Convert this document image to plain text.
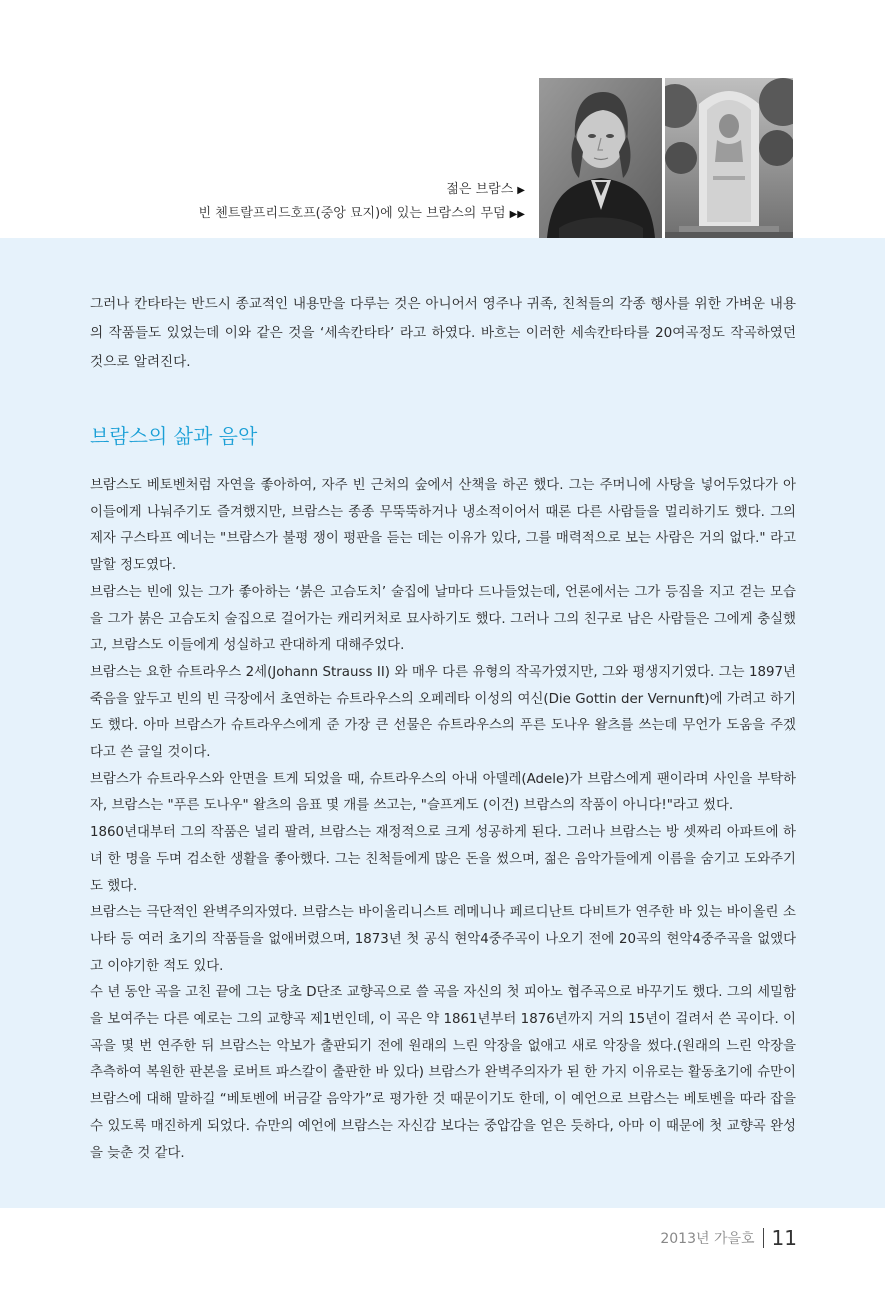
젊은 브람스 ▶
빈 첸트랄프리드호프(중앙 묘지)에 있는 브람스의 무덤 ▶▶

그러나 칸타타는 반드시 종교적인 내용만을 다루는 것은 아니어서 영주나 귀족, 친척들의 각종 행사를 위한 가벼운 내용의 작품들도 있었는데 이와 같은 것을 ‘세속칸타타’ 라고 하였다. 바흐는 이러한 세속칸타타를 20여곡정도 작곡하였던 것으로 알려진다.

브람스의 삶과 음악

브람스도 베토벤처럼 자연을 좋아하여, 자주 빈 근처의 숲에서 산책을 하곤 했다. 그는 주머니에 사탕을 넣어두었다가 아이들에게 나눠주기도 즐겨했지만, 브람스는 종종 무뚝뚝하거나 냉소적이어서 때론 다른 사람들을 멀리하기도 했다. 그의 제자 구스타프 예너는 "브람스가 불평 쟁이 평판을 듣는 데는 이유가 있다, 그를 매력적으로 보는 사람은 거의 없다." 라고 말할 정도였다.

브람스는 빈에 있는 그가 좋아하는 ‘붉은 고슴도치’ 술집에 날마다 드나들었는데, 언론에서는 그가 등짐을 지고 걷는 모습을 그가 붉은 고슴도치 술집으로 걸어가는 캐리커처로 묘사하기도 했다. 그러나 그의 친구로 남은 사람들은 그에게 충실했고, 브람스도 이들에게 성실하고 관대하게 대해주었다.

브람스는 요한 슈트라우스 2세(Johann Strauss II) 와 매우 다른 유형의 작곡가였지만, 그와 평생지기였다. 그는 1897년 죽음을 앞두고 빈의 빈 극장에서 초연하는 슈트라우스의 오페레타 이성의 여신(Die Gottin der Vernunft)에 가려고 하기도 했다. 아마 브람스가 슈트라우스에게 준 가장 큰 선물은 슈트라우스의 푸른 도나우 왈츠를 쓰는데 무언가 도움을 주겠다고 쓴 글일 것이다.

브람스가 슈트라우스와 안면을 트게 되었을 때, 슈트라우스의 아내 아델레(Adele)가 브람스에게 팬이라며 사인을 부탁하자, 브람스는 "푸른 도나우" 왈츠의 음표 몇 개를 쓰고는, "슬프게도 (이건) 브람스의 작품이 아니다!"라고 썼다.

1860년대부터 그의 작품은 널리 팔려, 브람스는 재정적으로 크게 성공하게 된다. 그러나 브람스는 방 셋짜리 아파트에 하녀 한 명을 두며 검소한 생활을 좋아했다. 그는 친척들에게 많은 돈을 썼으며, 젊은 음악가들에게 이름을 숨기고 도와주기도 했다.

브람스는 극단적인 완벽주의자였다. 브람스는 바이올리니스트 레메니나 페르디난트 다비트가 연주한 바 있는 바이올린 소나타 등 여러 초기의 작품들을 없애버렸으며, 1873년 첫 공식 현악4중주곡이 나오기 전에 20곡의 현악4중주곡을 없앴다고 이야기한 적도 있다.

수 년 동안 곡을 고친 끝에 그는 당초 D단조 교향곡으로 쓸 곡을 자신의 첫 피아노 협주곡으로 바꾸기도 했다. 그의 세밀함을 보여주는 다른 예로는 그의 교향곡 제1번인데, 이 곡은 약 1861년부터 1876년까지 거의 15년이 걸려서 쓴 곡이다. 이 곡을 몇 번 연주한 뒤 브람스는 악보가 출판되기 전에 원래의 느린 악장을 없애고 새로 악장을 썼다.(원래의 느린 악장을 추측하여 복원한 판본을 로버트 파스칼이 출판한 바 있다) 브람스가 완벽주의자가 된 한 가지 이유로는 활동초기에 슈만이 브람스에 대해 말하길 “베토벤에 버금갈 음악가”로 평가한 것 때문이기도 한데, 이 예언으로 브람스는 베토벤을 따라 잡을 수 있도록 매진하게 되었다. 슈만의 예언에 브람스는 자신감 보다는 중압감을 얻은 듯하다, 아마 이 때문에 첫 교향곡 완성을 늦춘 것 같다.

2013년 가을호 11
